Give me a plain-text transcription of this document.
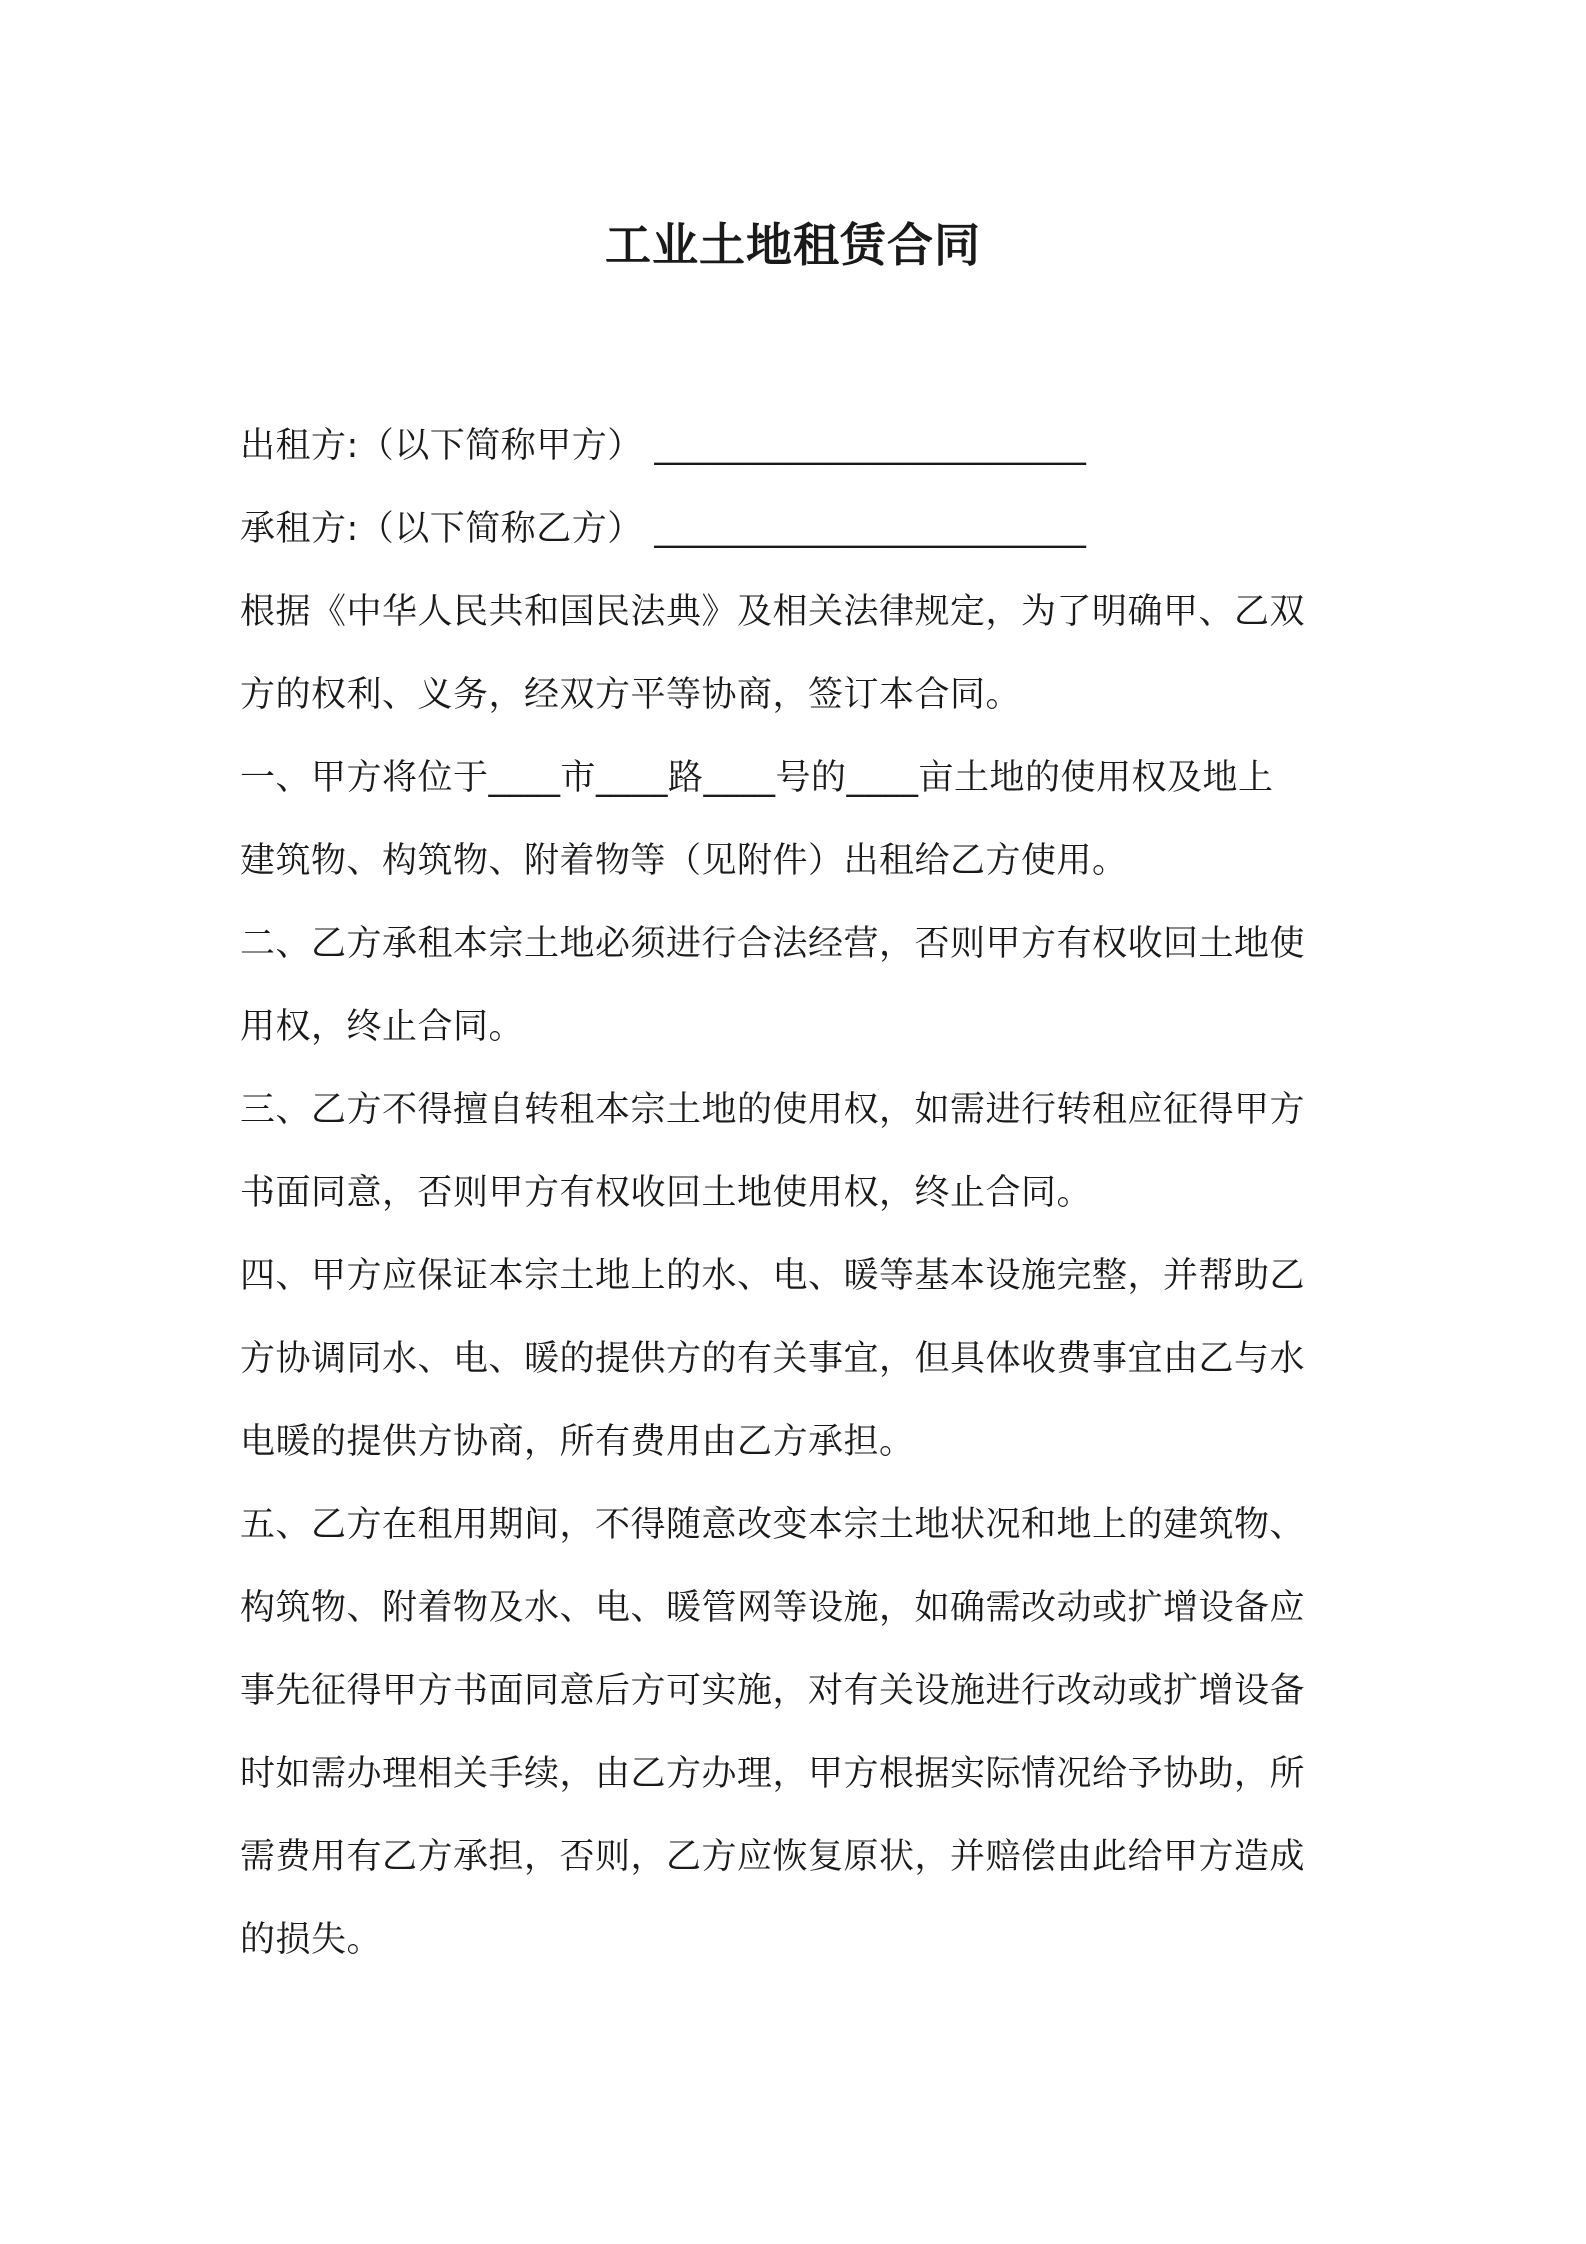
工业土地租赁合同

出租方:（以下简称甲方） ________________________

承租方:（以下简称乙方） ________________________

根据《中华人民共和国民法典》及相关法律规定，为了明确甲、乙双

方的权利、义务，经双方平等协商，签订本合同。

一、甲方将位于____市____路____号的____亩土地的使用权及地上

建筑物、构筑物、附着物等（见附件）出租给乙方使用。

二、乙方承租本宗土地必须进行合法经营，否则甲方有权收回土地使

用权，终止合同。

三、乙方不得擅自转租本宗土地的使用权，如需进行转租应征得甲方

书面同意，否则甲方有权收回土地使用权，终止合同。

四、甲方应保证本宗土地上的水、电、暖等基本设施完整，并帮助乙

方协调同水、电、暖的提供方的有关事宜，但具体收费事宜由乙与水

电暖的提供方协商，所有费用由乙方承担。

五、乙方在租用期间，不得随意改变本宗土地状况和地上的建筑物、

构筑物、附着物及水、电、暖管网等设施，如确需改动或扩增设备应

事先征得甲方书面同意后方可实施，对有关设施进行改动或扩增设备

时如需办理相关手续，由乙方办理，甲方根据实际情况给予协助，所

需费用有乙方承担，否则，乙方应恢复原状，并赔偿由此给甲方造成

的损失。
